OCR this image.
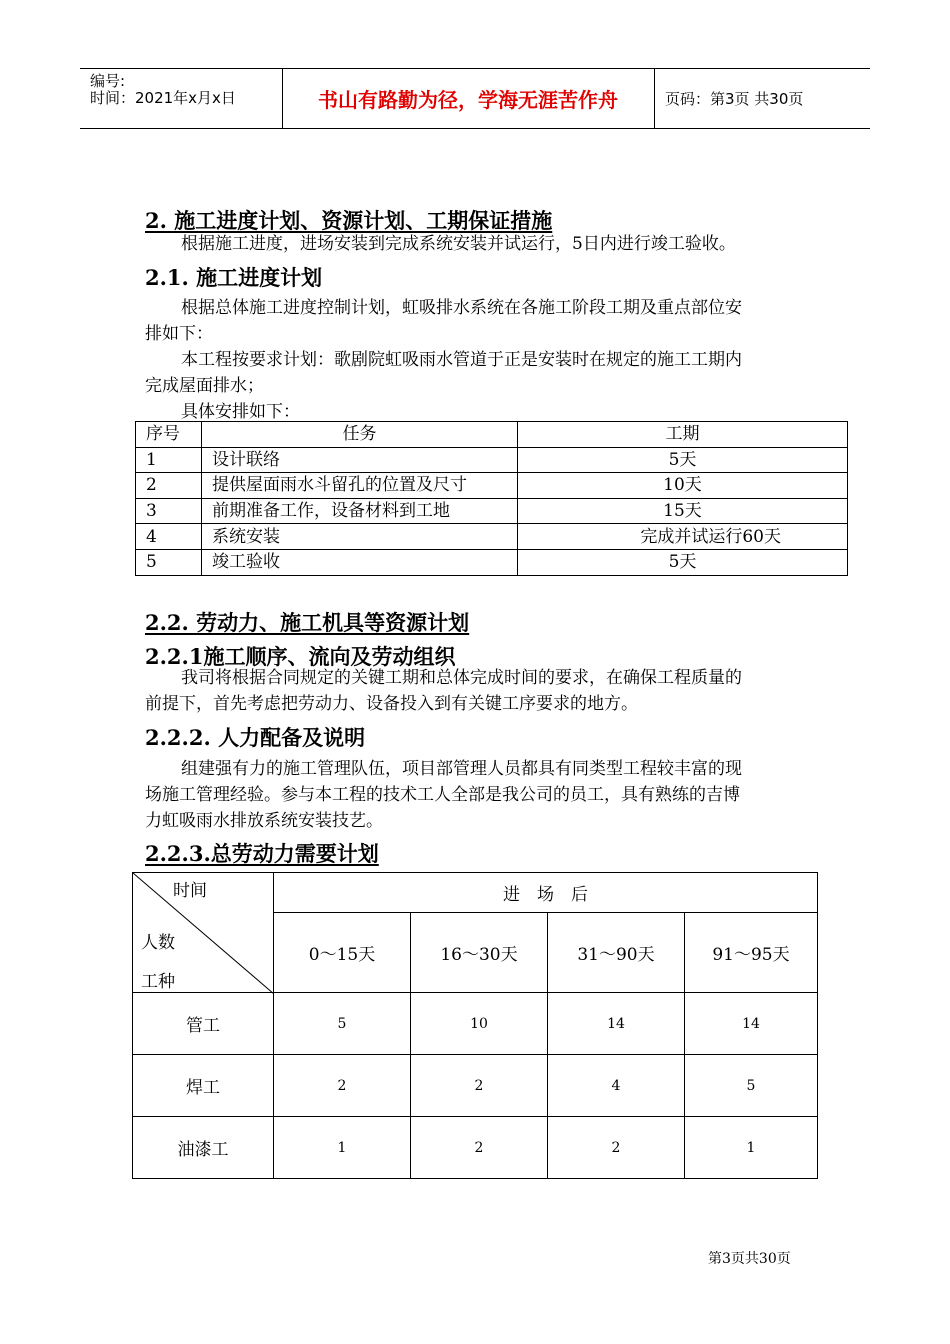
编号:
时间：2021年x月x日	书山有路勤为径，学海无涯苦作舟	页码：第3页 共30页
2. 施工进度计划、资源计划、工期保证措施
根据施工进度，进场安装到完成系统安装并试运行，5日内进行竣工验收。
2.1. 施工进度计划
根据总体施工进度控制计划，虹吸排水系统在各施工阶段工期及重点部位安
排如下：
本工程按要求计划：歌剧院虹吸雨水管道于正是安装时在规定的施工工期内
完成屋面排水；
具体安排如下：
序号	任务	工期
1	设计联络	5天
2	提供屋面雨水斗留孔的位置及尺寸	10天
3	前期准备工作，设备材料到工地	15天
4	系统安装	完成并试运行60天
5	竣工验收	5天
2.2. 劳动力、施工机具等资源计划
2.2.1施工顺序、流向及劳动组织
我司将根据合同规定的关键工期和总体完成时间的要求，在确保工程质量的
前提下，首先考虑把劳动力、设备投入到有关键工序要求的地方。
2.2.2. 人力配备及说明
组建强有力的施工管理队伍，项目部管理人员都具有同类型工程较丰富的现
场施工管理经验。参与本工程的技术工人全部是我公司的员工，具有熟练的吉博
力虹吸雨水排放系统安装技艺。
2.2.3.总劳动力需要计划
时间
人数
工种	进　场　后			
	0～15天	16～30天	31～90天	91～95天
管工	5	10	14	14
焊工	2	2	4	5
油漆工	1	2	2	1
第3页共30页
